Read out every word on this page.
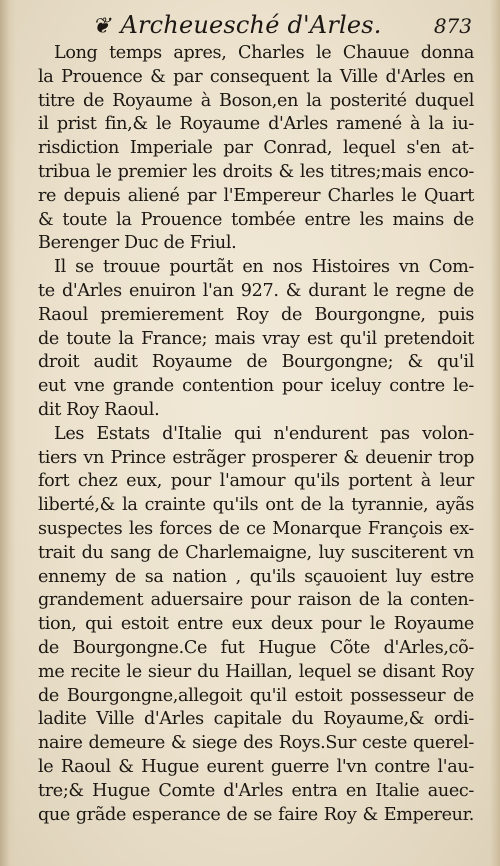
❦ Archeuesché d'Arles.	873
Long temps apres, Charles le Chauue donna
la Prouence & par consequent la Ville d'Arles en
titre de Royaume à Boson,en la posterité duquel
il prist fin,& le Royaume d'Arles ramené à la iu-
risdiction Imperiale par Conrad, lequel s'en at-
tribua le premier les droits & les titres;mais enco-
re depuis aliené par l'Empereur Charles le Quart
& toute la Prouence tombée entre les mains de
Berenger Duc de Friul.
Il se trouue pourtãt en nos Histoires vn Com-
te d'Arles enuiron l'an 927. & durant le regne de
Raoul premierement Roy de Bourgongne, puis
de toute la France; mais vray est qu'il pretendoit
droit audit Royaume de Bourgongne; & qu'il
eut vne grande contention pour iceluy contre le-
dit Roy Raoul.
Les Estats d'Italie qui n'endurent pas volon-
tiers vn Prince estrãger prosperer & deuenir trop
fort chez eux, pour l'amour qu'ils portent à leur
liberté,& la crainte qu'ils ont de la tyrannie, ayãs
suspectes les forces de ce Monarque François ex-
trait du sang de Charlemaigne, luy susciterent vn
ennemy de sa nation , qu'ils sçauoient luy estre
grandement aduersaire pour raison de la conten-
tion, qui estoit entre eux deux pour le Royaume
de Bourgongne.Ce fut Hugue Cõte d'Arles,cõ-
me recite le sieur du Haillan, lequel se disant Roy
de Bourgongne,allegoit qu'il estoit possesseur de
ladite Ville d'Arles capitale du Royaume,& ordi-
naire demeure & siege des Roys.Sur ceste querel-
le Raoul & Hugue eurent guerre l'vn contre l'au-
tre;& Hugue Comte d'Arles entra en Italie auec-
que grãde esperance de se faire Roy & Empereur.
